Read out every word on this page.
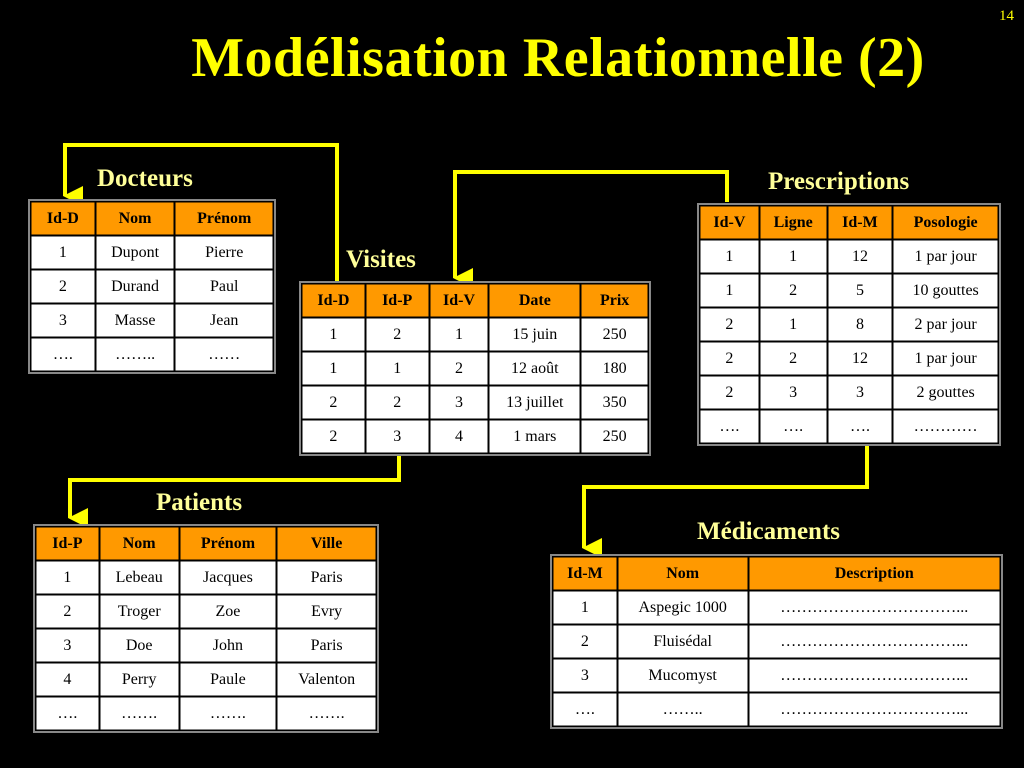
14
Modélisation Relationnelle (2)
Docteurs
Id-D	Nom	Prénom
1	Dupont	Pierre
2	Durand	Paul
3	Masse	Jean
….	……..	……
Visites
Id-D	Id-P	Id-V	Date	Prix
1	2	1	15 juin	250
1	1	2	12 août	180
2	2	3	13 juillet	350
2	3	4	1 mars	250
Prescriptions
Id-V	Ligne	Id-M	Posologie
1	1	12	1 par jour
1	2	5	10 gouttes
2	1	8	2 par jour
2	2	12	1 par jour
2	3	3	2 gouttes
….	….	….	…………
Patients
Id-P	Nom	Prénom	Ville
1	Lebeau	Jacques	Paris
2	Troger	Zoe	Evry
3	Doe	John	Paris
4	Perry	Paule	Valenton
….	…….	…….	…….
Médicaments
Id-M	Nom	Description
1	Aspegic 1000	……………………………...
2	Fluisédal	……………………………...
3	Mucomyst	……………………………...
….	……..	……………………………...
